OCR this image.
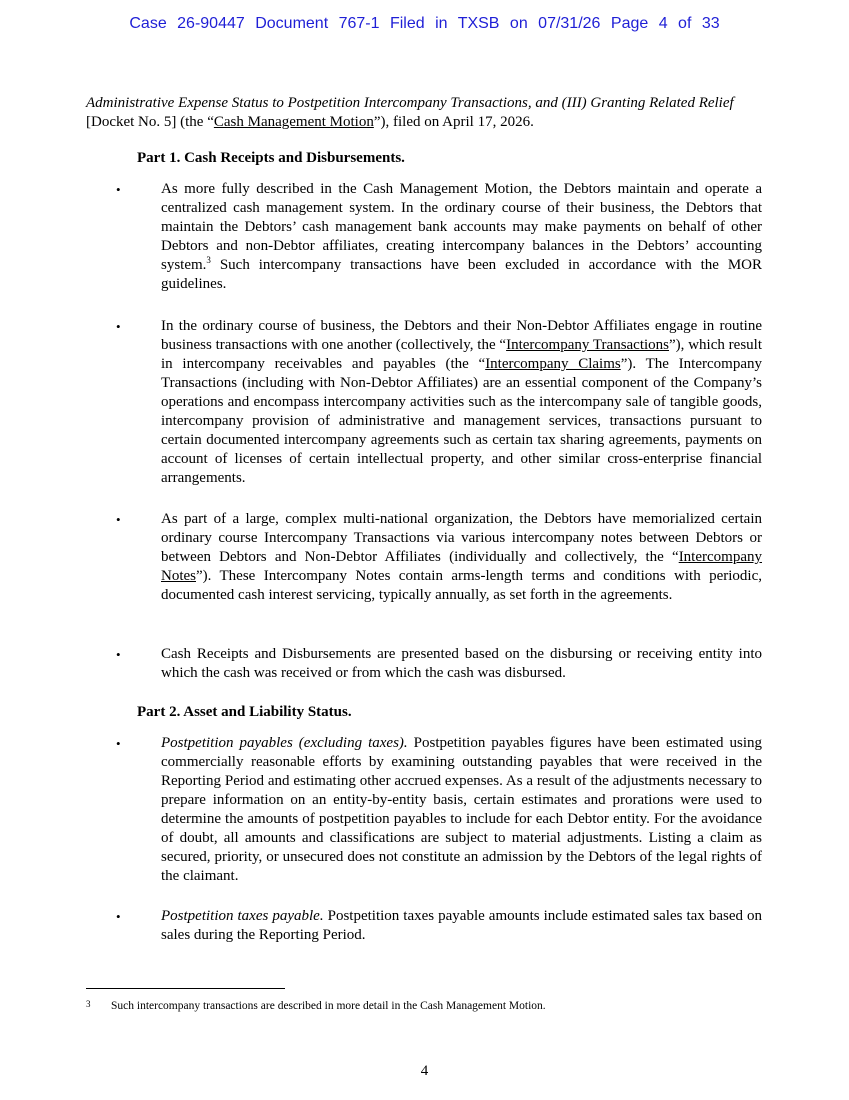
Case 26-90447 Document 767-1 Filed in TXSB on 07/31/26 Page 4 of 33
Administrative Expense Status to Postpetition Intercompany Transactions, and (III) Granting Related Relief [Docket No. 5] (the “Cash Management Motion”), filed on April 17, 2026.
Part 1. Cash Receipts and Disbursements.
•	As more fully described in the Cash Management Motion, the Debtors maintain and operate a centralized cash management system. In the ordinary course of their business, the Debtors that maintain the Debtors’ cash management bank accounts may make payments on behalf of other Debtors and non-Debtor affiliates, creating intercompany balances in the Debtors’ accounting system.$^3$ Such intercompany transactions have been excluded in accordance with the MOR guidelines.
•	In the ordinary course of business, the Debtors and their Non-Debtor Affiliates engage in routine business transactions with one another (collectively, the “Intercompany Transactions”), which result in intercompany receivables and payables (the “Intercompany Claims”). The Intercompany Transactions (including with Non-Debtor Affiliates) are an essential component of the Company’s operations and encompass intercompany activities such as the intercompany sale of tangible goods, intercompany provision of administrative and management services, transactions pursuant to certain documented intercompany agreements such as certain tax sharing agreements, payments on account of licenses of certain intellectual property, and other similar cross-enterprise financial arrangements.
•	As part of a large, complex multi-national organization, the Debtors have memorialized certain ordinary course Intercompany Transactions via various intercompany notes between Debtors or between Debtors and Non-Debtor Affiliates (individually and collectively, the “Intercompany Notes”). These Intercompany Notes contain arms-length terms and conditions with periodic, documented cash interest servicing, typically annually, as set forth in the agreements.
•	Cash Receipts and Disbursements are presented based on the disbursing or receiving entity into which the cash was received or from which the cash was disbursed.
Part 2. Asset and Liability Status.
•	Postpetition payables (excluding taxes). Postpetition payables figures have been estimated using commercially reasonable efforts by examining outstanding payables that were received in the Reporting Period and estimating other accrued expenses. As a result of the adjustments necessary to prepare information on an entity-by-entity basis, certain estimates and prorations were used to determine the amounts of postpetition payables to include for each Debtor entity. For the avoidance of doubt, all amounts and classifications are subject to material adjustments. Listing a claim as secured, priority, or unsecured does not constitute an admission by the Debtors of the legal rights of the claimant.
•	Postpetition taxes payable. Postpetition taxes payable amounts include estimated sales tax based on sales during the Reporting Period.
3 Such intercompany transactions are described in more detail in the Cash Management Motion.
4
